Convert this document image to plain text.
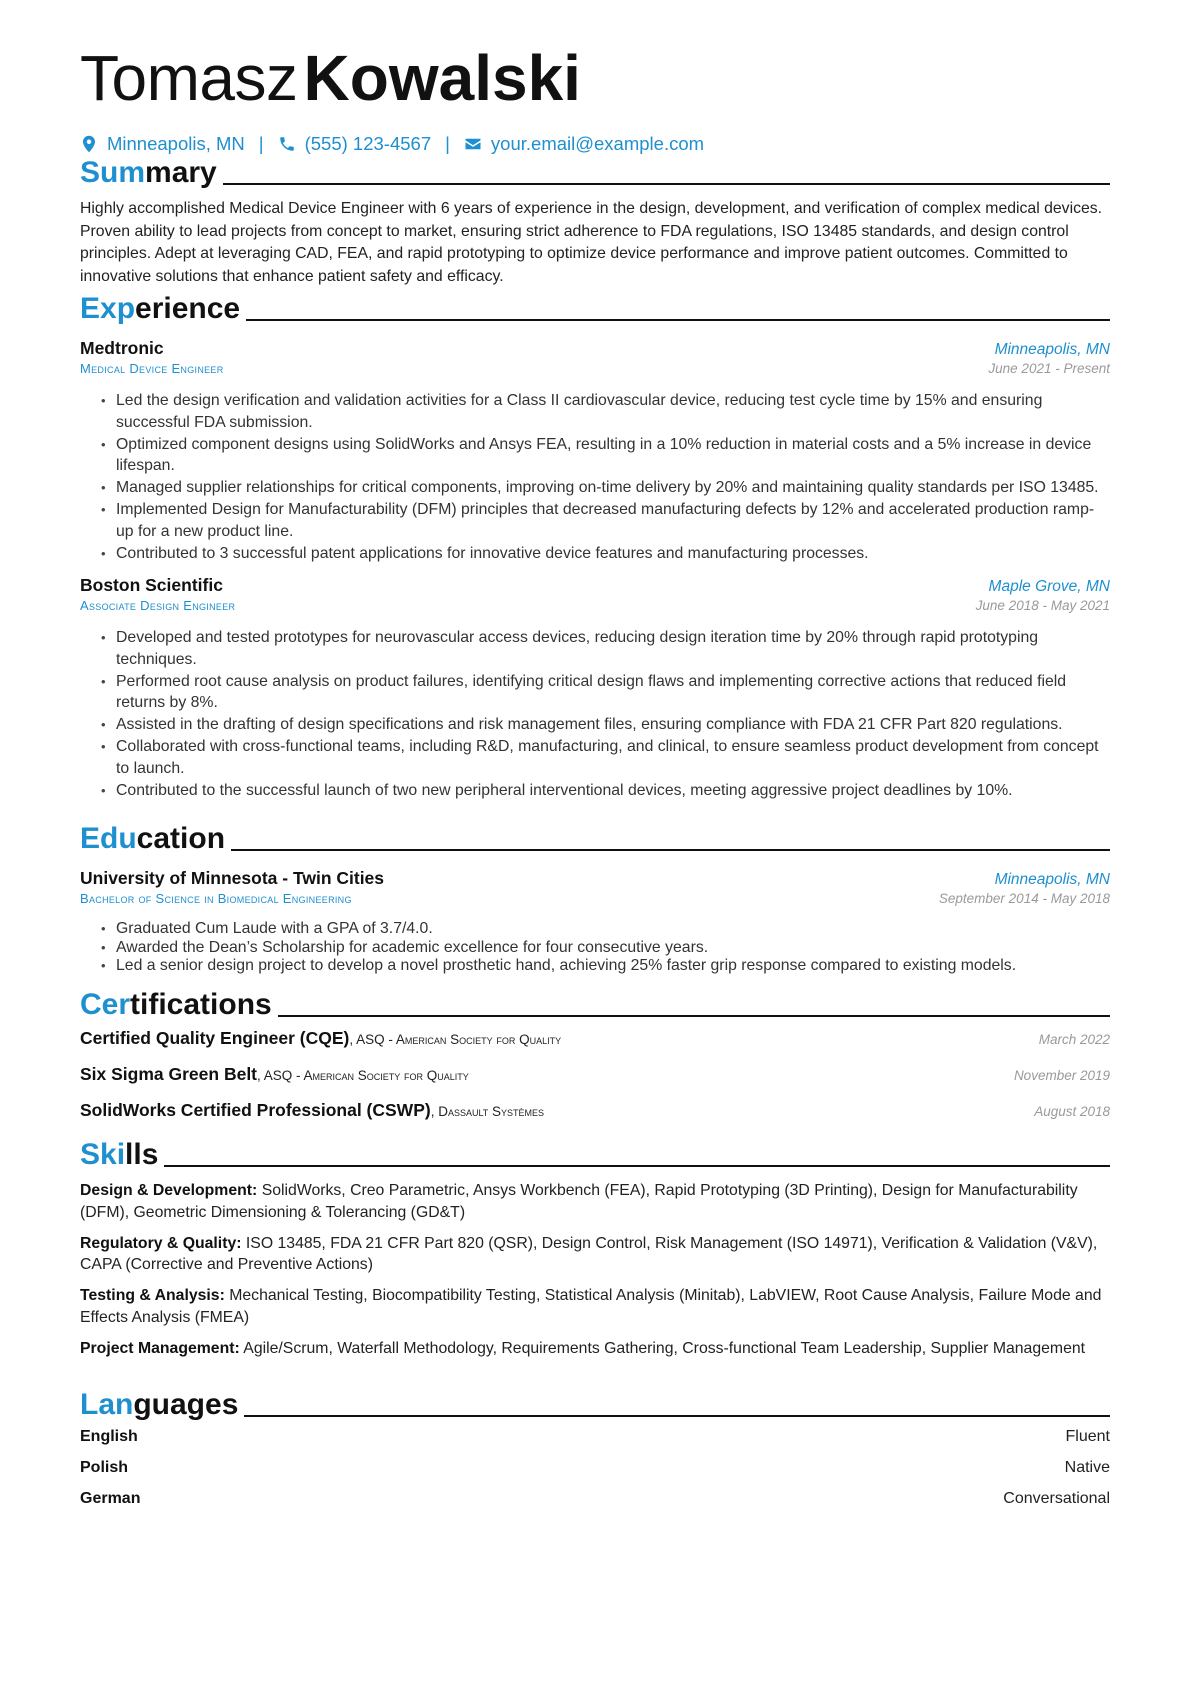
TomaszKowalski
Minneapolis, MN | (555) 123-4567 | your.email@example.com
Summary
Highly accomplished Medical Device Engineer with 6 years of experience in the design, development, and verification of complex medical devices. Proven ability to lead projects from concept to market, ensuring strict adherence to FDA regulations, ISO 13485 standards, and design control principles. Adept at leveraging CAD, FEA, and rapid prototyping to optimize device performance and improve patient outcomes. Committed to innovative solutions that enhance patient safety and efficacy.
Experience
Medtronic	Minneapolis, MN
Medical Device Engineer	June 2021 - Present
• Led the design verification and validation activities for a Class II cardiovascular device, reducing test cycle time by 15% and ensuring successful FDA submission.
• Optimized component designs using SolidWorks and Ansys FEA, resulting in a 10% reduction in material costs and a 5% increase in device lifespan.
• Managed supplier relationships for critical components, improving on-time delivery by 20% and maintaining quality standards per ISO 13485.
• Implemented Design for Manufacturability (DFM) principles that decreased manufacturing defects by 12% and accelerated production ramp-up for a new product line.
• Contributed to 3 successful patent applications for innovative device features and manufacturing processes.
Boston Scientific	Maple Grove, MN
Associate Design Engineer	June 2018 - May 2021
• Developed and tested prototypes for neurovascular access devices, reducing design iteration time by 20% through rapid prototyping techniques.
• Performed root cause analysis on product failures, identifying critical design flaws and implementing corrective actions that reduced field returns by 8%.
• Assisted in the drafting of design specifications and risk management files, ensuring compliance with FDA 21 CFR Part 820 regulations.
• Collaborated with cross-functional teams, including R&D, manufacturing, and clinical, to ensure seamless product development from concept to launch.
• Contributed to the successful launch of two new peripheral interventional devices, meeting aggressive project deadlines by 10%.
Education
University of Minnesota - Twin Cities	Minneapolis, MN
Bachelor of Science in Biomedical Engineering	September 2014 - May 2018
• Graduated Cum Laude with a GPA of 3.7/4.0.
• Awarded the Dean’s Scholarship for academic excellence for four consecutive years.
• Led a senior design project to develop a novel prosthetic hand, achieving 25% faster grip response compared to existing models.
Certifications
Certified Quality Engineer (CQE), ASQ - American Society for Quality	March 2022
Six Sigma Green Belt, ASQ - American Society for Quality	November 2019
SolidWorks Certified Professional (CSWP), Dassault Systèmes	August 2018
Skills
Design & Development: SolidWorks, Creo Parametric, Ansys Workbench (FEA), Rapid Prototyping (3D Printing), Design for Manufacturability (DFM), Geometric Dimensioning & Tolerancing (GD&T)
Regulatory & Quality: ISO 13485, FDA 21 CFR Part 820 (QSR), Design Control, Risk Management (ISO 14971), Verification & Validation (V&V), CAPA (Corrective and Preventive Actions)
Testing & Analysis: Mechanical Testing, Biocompatibility Testing, Statistical Analysis (Minitab), LabVIEW, Root Cause Analysis, Failure Mode and Effects Analysis (FMEA)
Project Management: Agile/Scrum, Waterfall Methodology, Requirements Gathering, Cross-functional Team Leadership, Supplier Management
Languages
English	Fluent
Polish	Native
German	Conversational
